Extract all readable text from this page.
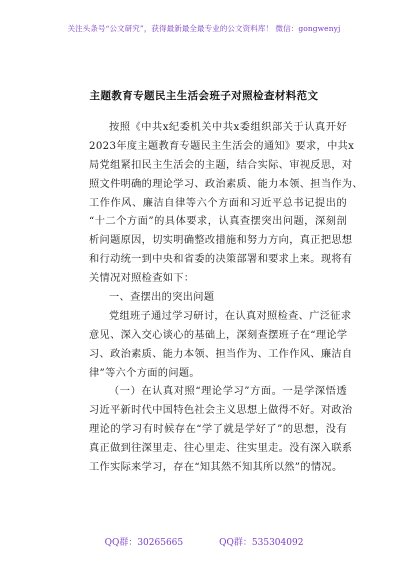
关注头条号“公文研究”，获得最新最全最专业的公文资料库！ 微信：gongwenyj
主题教育专题民主生活会班子对照检查材料范文
按照《中共x纪委机关中共x委组织部关于认真开好
2023年度主题教育专题民主生活会的通知》要求，中共x
局党组紧扣民主生活会的主题，结合实际、审视反思，对
照文件明确的理论学习、政治素质、能力本领、担当作为、
工作作风、廉洁自律等六个方面和习近平总书记提出的
“十二个方面”的具体要求，认真查摆突出问题，深刻剖
析问题原因，切实明确整改措施和努力方向，真正把思想
和行动统一到中央和省委的决策部署和要求上来。现将有
关情况对照检查如下：
一、查摆出的突出问题
党组班子通过学习研讨，在认真对照检查、广泛征求
意见、深入交心谈心的基础上，深刻查摆班子在“理论学
习、政治素质、能力本领、担当作为、工作作风、廉洁自
律”等六个方面的问题。
（一）在认真对照“理论学习”方面。一是学深悟透
习近平新时代中国特色社会主义思想上做得不好。对政治
理论的学习有时候存在“学了就是学好了”的思想，没有
真正做到往深里走、往心里走、往实里走。没有深入联系
工作实际来学习，存在“知其然不知其所以然”的情况。
QQ群：30265665	QQ群：535304092
